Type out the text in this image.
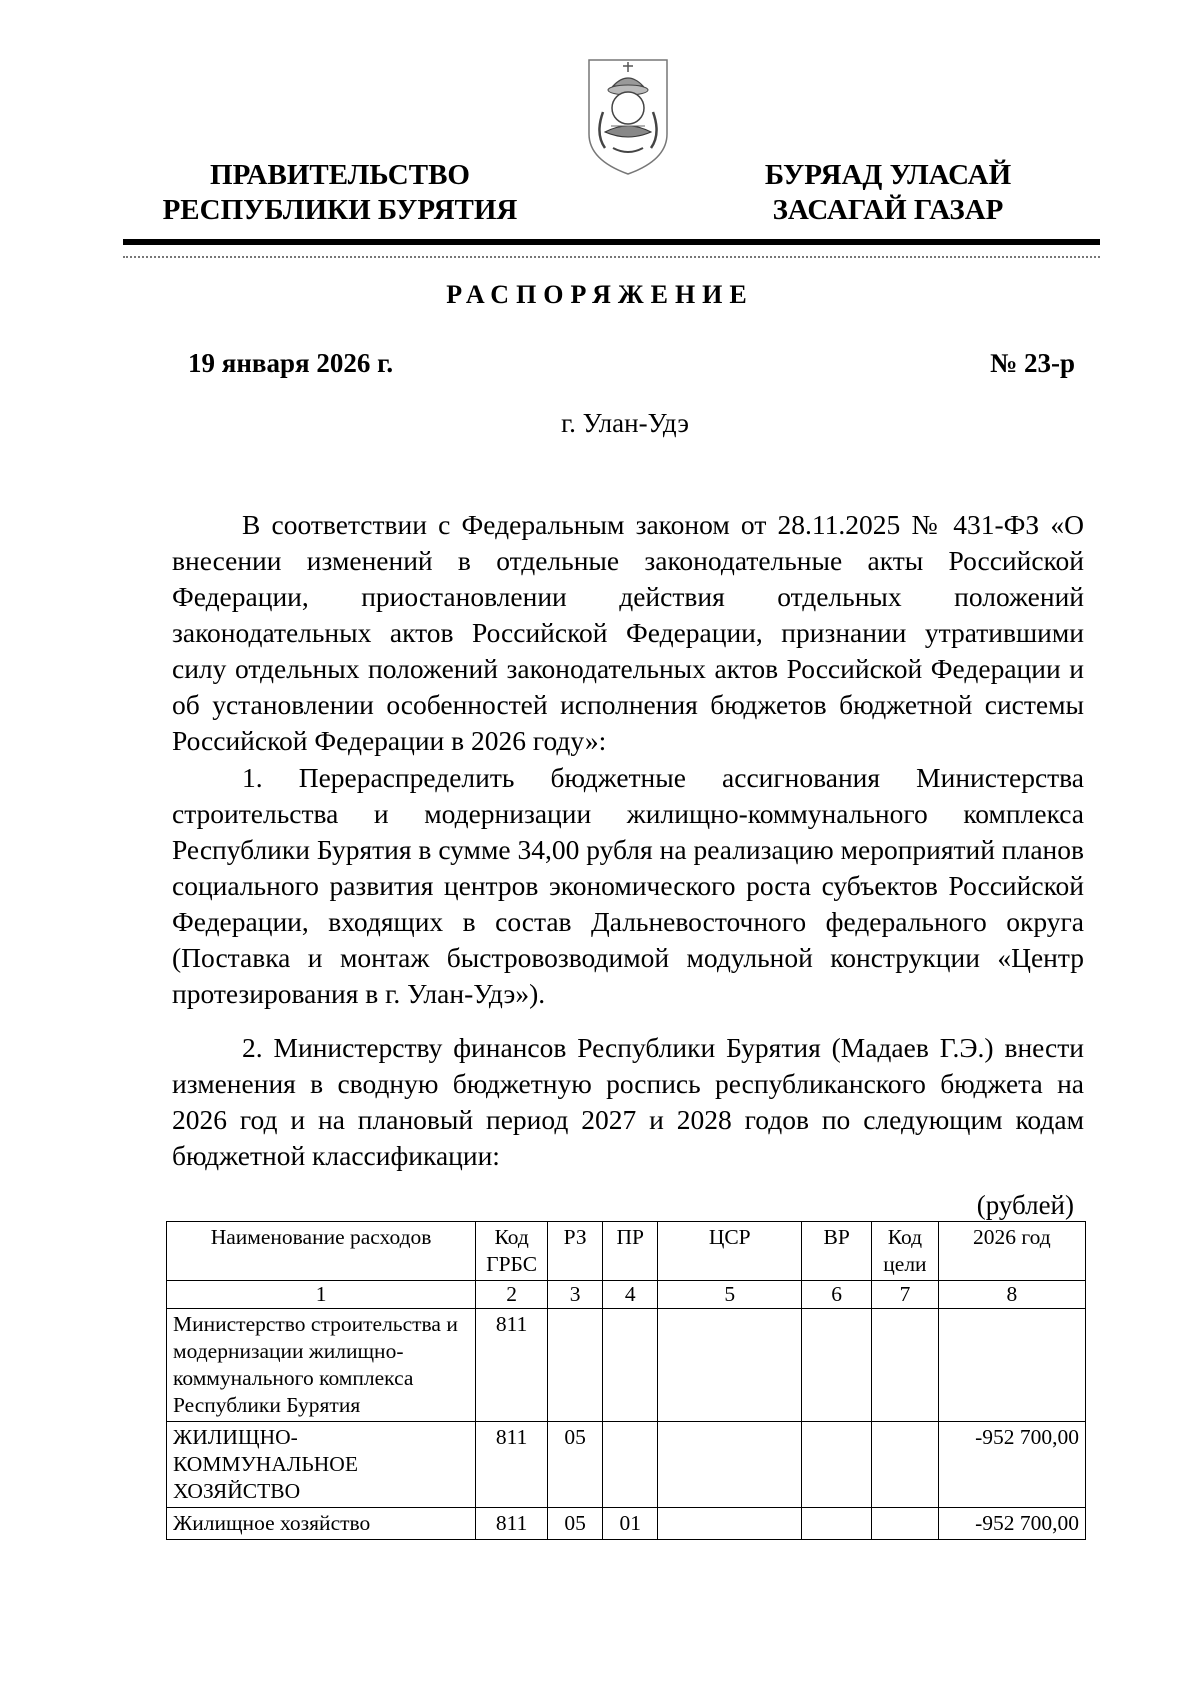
ПРАВИТЕЛЬСТВО
РЕСПУБЛИКИ БУРЯТИЯ
БУРЯАД УЛАСАЙ
ЗАСАГАЙ ГАЗАР
РАСПОРЯЖЕНИЕ
19 января 2026 г.	№ 23-р
г. Улан-Удэ

В соответствии с Федеральным законом от 28.11.2025 № 431-ФЗ «О внесении изменений в отдельные законодательные акты Российской Федерации, приостановлении действия отдельных положений законодательных актов Российской Федерации, признании утратившими силу отдельных положений законодательных актов Российской Федерации и об установлении особенностей исполнения бюджетов бюджетной системы Российской Федерации в 2026 году»:

1. Перераспределить бюджетные ассигнования Министерства строительства и модернизации жилищно-коммунального комплекса Республики Бурятия в сумме 34,00 рубля на реализацию мероприятий планов социального развития центров экономического роста субъектов Российской Федерации, входящих в состав Дальневосточного федерального округа (Поставка и монтаж быстровозводимой модульной конструкции «Центр протезирования в г. Улан-Удэ»).

2. Министерству финансов Республики Бурятия (Мадаев Г.Э.) внести изменения в сводную бюджетную роспись республиканского бюджета на 2026 год и на плановый период 2027 и 2028 годов по следующим кодам бюджетной классификации:

(рублей)
Наименование расходов	Код ГРБС	РЗ	ПР	ЦСР	ВР	Код цели	2026 год
1	2	3	4	5	6	7	8
Министерство строительства и модернизации жилищно-коммунального комплекса Республики Бурятия	811						
ЖИЛИЩНО-КОММУНАЛЬНОЕ ХОЗЯЙСТВО	811	05					-952 700,00
Жилищное хозяйство	811	05	01				-952 700,00
